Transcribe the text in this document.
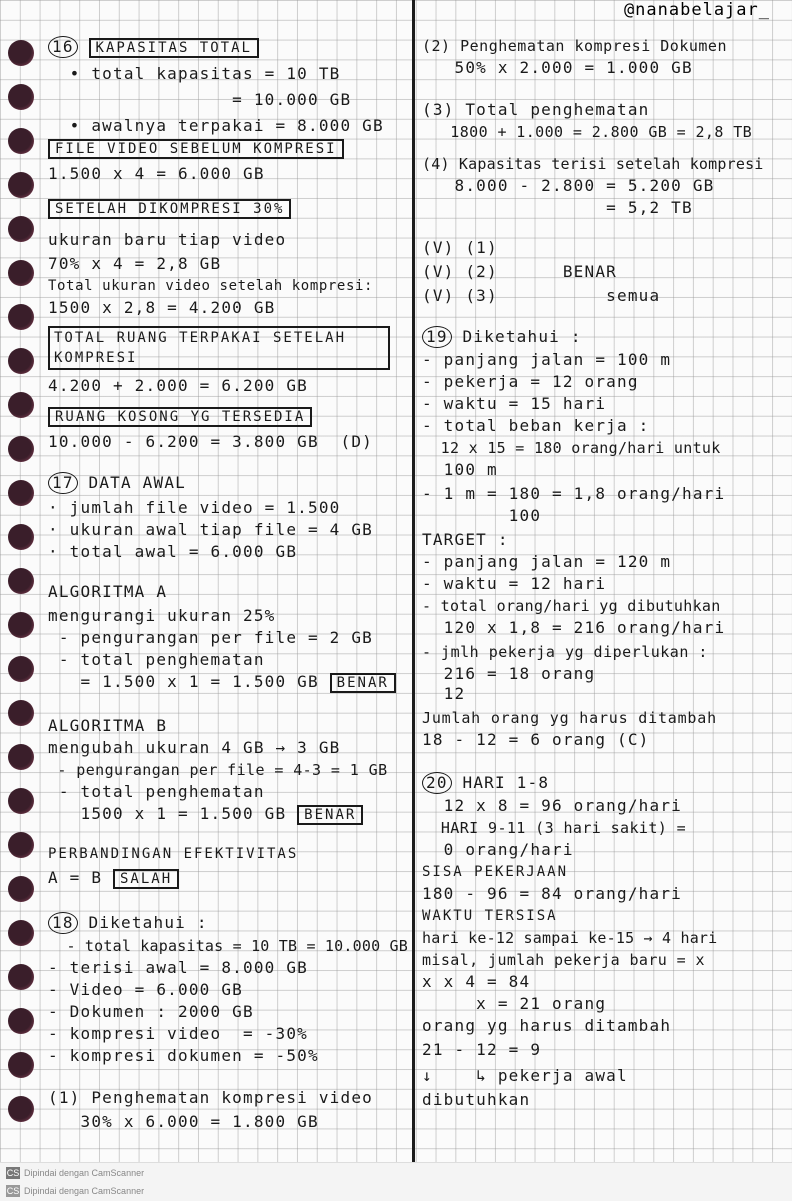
@nanabelajar_
16 KAPASITAS TOTAL
• total kapasitas = 10 TB
= 10.000 GB
• awalnya terpakai = 8.000 GB
FILE VIDEO SEBELUM KOMPRESI
1.500 x 4 = 6.000 GB
SETELAH DIKOMPRESI 30%
ukuran baru tiap video
70% x 4 = 2,8 GB
Total ukuran video setelah kompresi:
1500 x 2,8 = 4.200 GB
TOTAL RUANG TERPAKAI SETELAH KOMPRESI
4.200 + 2.000 = 6.200 GB
RUANG KOSONG YG TERSEDIA
10.000 - 6.200 = 3.800 GB  (D)
17 DATA AWAL
· jumlah file video = 1.500
· ukuran awal tiap file = 4 GB
· total awal = 6.000 GB
ALGORITMA A
mengurangi ukuran 25%
- pengurangan per file = 2 GB
- total penghematan
= 1.500 x 1 = 1.500 GB BENAR
ALGORITMA B
mengubah ukuran 4 GB → 3 GB
- pengurangan per file = 4-3 = 1 GB
- total penghematan
1500 x 1 = 1.500 GB BENAR
PERBANDINGAN EFEKTIVITAS
A = B SALAH
18 Diketahui :
- total kapasitas = 10 TB = 10.000 GB
- terisi awal = 8.000 GB
- Video = 6.000 GB
- Dokumen : 2000 GB
- kompresi video  = -30%
- kompresi dokumen = -50%
(1) Penghematan kompresi video
30% x 6.000 = 1.800 GB
(2) Penghematan kompresi Dokumen
50% x 2.000 = 1.000 GB
(3) Total penghematan
1800 + 1.000 = 2.800 GB = 2,8 TB
(4) Kapasitas terisi setelah kompresi
8.000 - 2.800 = 5.200 GB
= 5,2 TB
(V) (1)
(V) (2)      BENAR
(V) (3)          semua
19 Diketahui :
- panjang jalan = 100 m
- pekerja = 12 orang
- waktu = 15 hari
- total beban kerja :
12 x 15 = 180 orang/hari untuk
100 m
- 1 m = 180 = 1,8 orang/hari
100
TARGET :
- panjang jalan = 120 m
- waktu = 12 hari
- total orang/hari yg dibutuhkan
120 x 1,8 = 216 orang/hari
- jmlh pekerja yg diperlukan :
216 = 18 orang
12
Jumlah orang yg harus ditambah
18 - 12 = 6 orang (C)
20 HARI 1-8
12 x 8 = 96 orang/hari
HARI 9-11 (3 hari sakit) =
0 orang/hari
SISA PEKERJAAN
180 - 96 = 84 orang/hari
WAKTU TERSISA
hari ke-12 sampai ke-15 → 4 hari
misal, jumlah pekerja baru = x
x x 4 = 84
x = 21 orang
orang yg harus ditambah
21 - 12 = 9
↓    ↳ pekerja awal
dibutuhkan
CS Dipindai dengan CamScanner
CS Dipindai dengan CamScanner
